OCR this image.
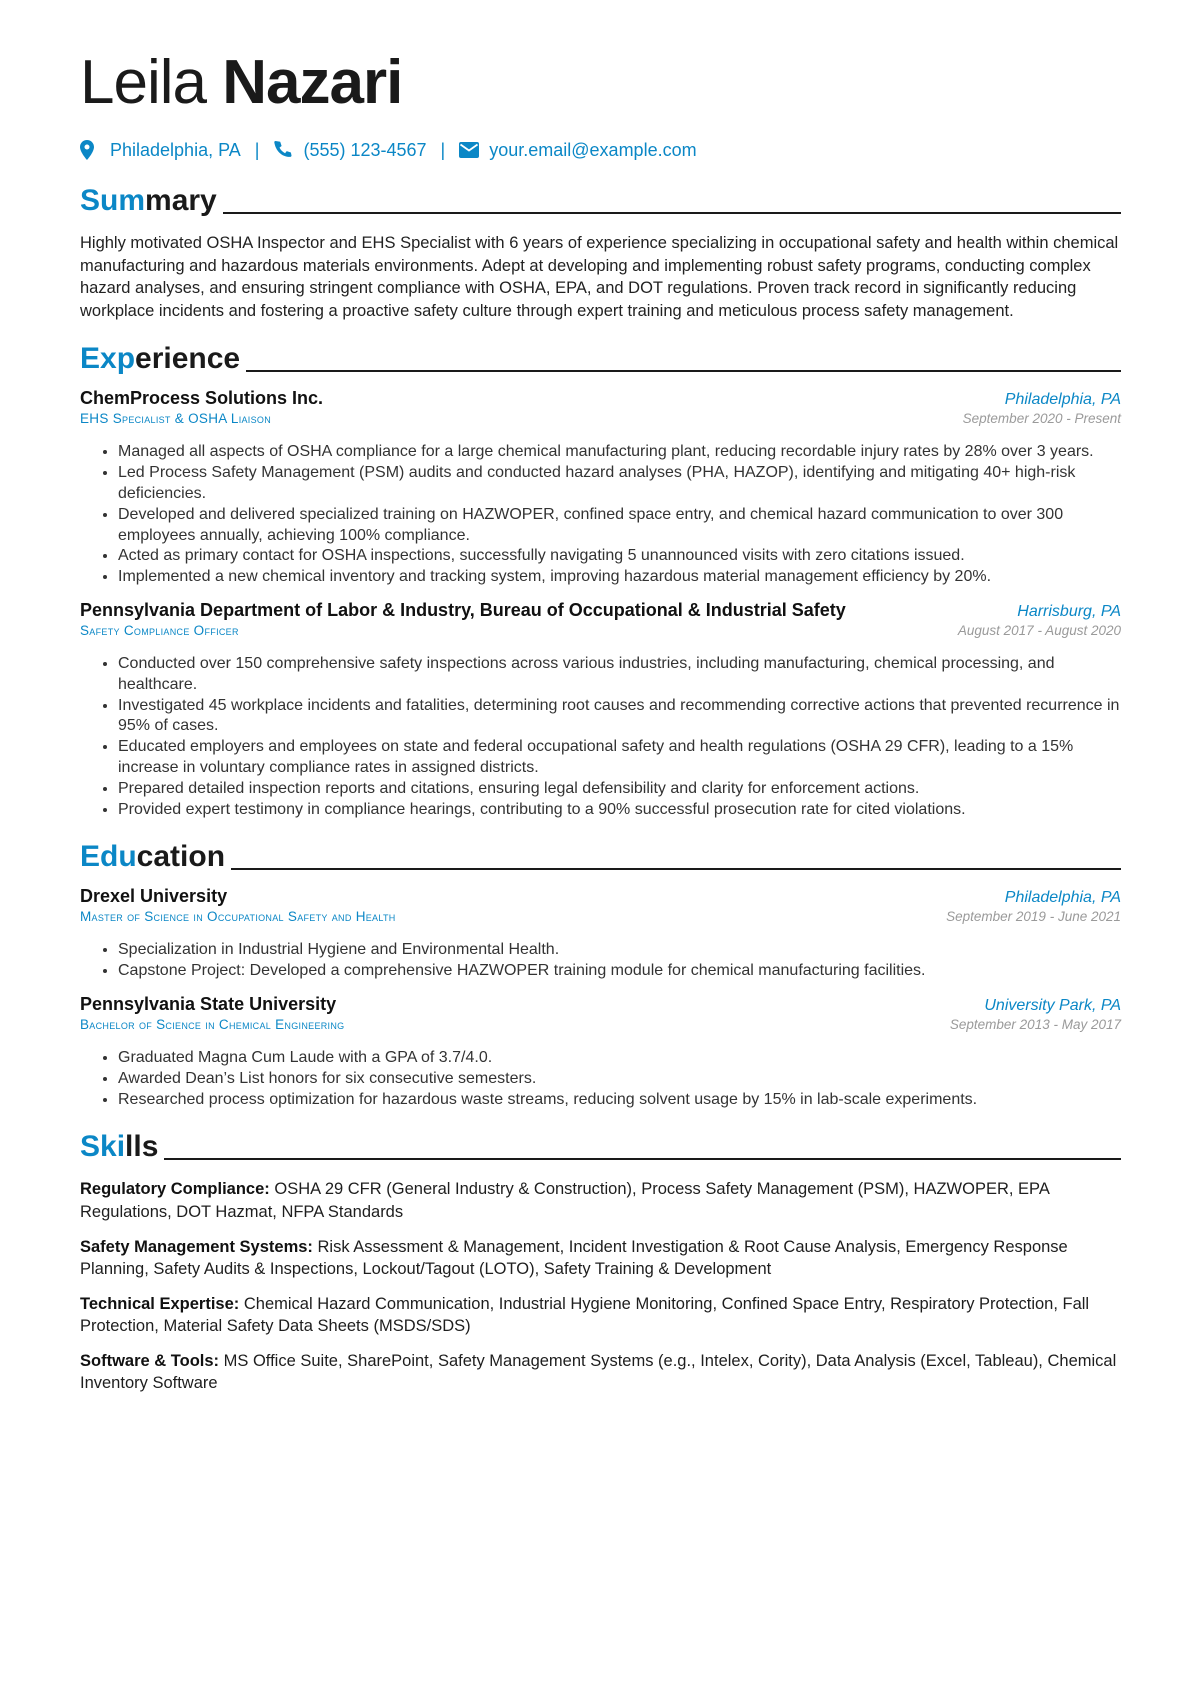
Leila Nazari
Philadelphia, PA | (555) 123-4567 | your.email@example.com
Summary

Highly motivated OSHA Inspector and EHS Specialist with 6 years of experience specializing in occupational safety and health within chemical manufacturing and hazardous materials environments. Adept at developing and implementing robust safety programs, conducting complex hazard analyses, and ensuring stringent compliance with OSHA, EPA, and DOT regulations. Proven track record in significantly reducing workplace incidents and fostering a proactive safety culture through expert training and meticulous process safety management.

Experience
ChemProcess Solutions Inc.	Philadelphia, PA
EHS Specialist & OSHA Liaison	September 2020 - Present
• Managed all aspects of OSHA compliance for a large chemical manufacturing plant, reducing recordable injury rates by 28% over 3 years.
• Led Process Safety Management (PSM) audits and conducted hazard analyses (PHA, HAZOP), identifying and mitigating 40+ high-risk deficiencies.
• Developed and delivered specialized training on HAZWOPER, confined space entry, and chemical hazard communication to over 300 employees annually, achieving 100% compliance.
• Acted as primary contact for OSHA inspections, successfully navigating 5 unannounced visits with zero citations issued.
• Implemented a new chemical inventory and tracking system, improving hazardous material management efficiency by 20%.
Pennsylvania Department of Labor & Industry, Bureau of Occupational & Industrial Safety	Harrisburg, PA
Safety Compliance Officer	August 2017 - August 2020
• Conducted over 150 comprehensive safety inspections across various industries, including manufacturing, chemical processing, and healthcare.
• Investigated 45 workplace incidents and fatalities, determining root causes and recommending corrective actions that prevented recurrence in 95% of cases.
• Educated employers and employees on state and federal occupational safety and health regulations (OSHA 29 CFR), leading to a 15% increase in voluntary compliance rates in assigned districts.
• Prepared detailed inspection reports and citations, ensuring legal defensibility and clarity for enforcement actions.
• Provided expert testimony in compliance hearings, contributing to a 90% successful prosecution rate for cited violations.
Education
Drexel University	Philadelphia, PA
Master of Science in Occupational Safety and Health	September 2019 - June 2021
• Specialization in Industrial Hygiene and Environmental Health.
• Capstone Project: Developed a comprehensive HAZWOPER training module for chemical manufacturing facilities.
Pennsylvania State University	University Park, PA
Bachelor of Science in Chemical Engineering	September 2013 - May 2017
• Graduated Magna Cum Laude with a GPA of 3.7/4.0.
• Awarded Dean’s List honors for six consecutive semesters.
• Researched process optimization for hazardous waste streams, reducing solvent usage by 15% in lab-scale experiments.
Skills

Regulatory Compliance: OSHA 29 CFR (General Industry & Construction), Process Safety Management (PSM), HAZWOPER, EPA Regulations, DOT Hazmat, NFPA Standards

Safety Management Systems: Risk Assessment & Management, Incident Investigation & Root Cause Analysis, Emergency Response Planning, Safety Audits & Inspections, Lockout/Tagout (LOTO), Safety Training & Development

Technical Expertise: Chemical Hazard Communication, Industrial Hygiene Monitoring, Confined Space Entry, Respiratory Protection, Fall Protection, Material Safety Data Sheets (MSDS/SDS)

Software & Tools: MS Office Suite, SharePoint, Safety Management Systems (e.g., Intelex, Cority), Data Analysis (Excel, Tableau), Chemical Inventory Software
